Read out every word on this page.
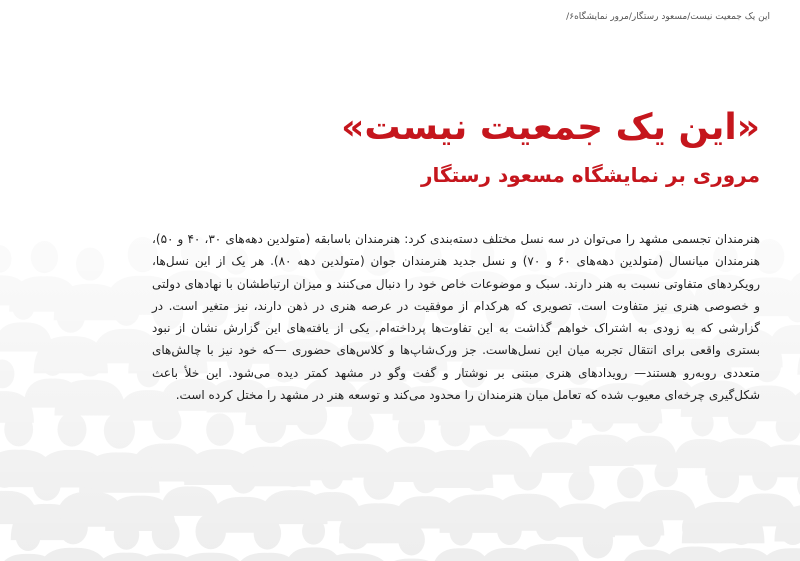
این یک جمعیت نیست/مسعود رستگار/مرور نمایشگاه۶/
«این یک جمعیت نیست»
مروری بر نمایشگاه مسعود رستگار

هنرمندان تجسمی مشهد را می‌توان در سه نسل مختلف دسته‌بندی کرد: هنرمندان باسابقه (متولدین دهه‌های ۳۰، ۴۰ و ۵۰)، هنرمندان میانسال (متولدین دهه‌های ۶۰ و ۷۰) و نسل جدید هنرمندان جوان (متولدین دهه ۸۰). هر یک از این نسل‌ها، رویکردهای متفاوتی نسبت به هنر دارند. سبک و موضوعات خاص خود را دنبال می‌کنند و میزان ارتباطشان با نهادهای دولتی و خصوصی هنری نیز متفاوت است. تصویری که هرکدام از موفقیت در عرصه هنری در ذهن دارند، نیز متغیر است. در گزارشی که به زودی به اشتراک خواهم گذاشت به این تفاوت‌ها پرداخته‌ام. یکی از یافته‌های این گزارش نشان از نبود بستری واقعی برای انتقال تجربه میان این نسل‌هاست. جز ورک‌شاپ‌ها و کلاس‌های حضوری —که خود نیز با چالش‌های متعددی روبه‌رو هستند— رویدادهای هنری مبتنی بر نوشتار و گفت وگو در مشهد کمتر دیده می‌شود. این خلأ باعث شکل‌گیری چرخه‌ای معیوب شده که تعامل میان هنرمندان را محدود می‌کند و توسعه هنر در مشهد را مختل کرده است.
